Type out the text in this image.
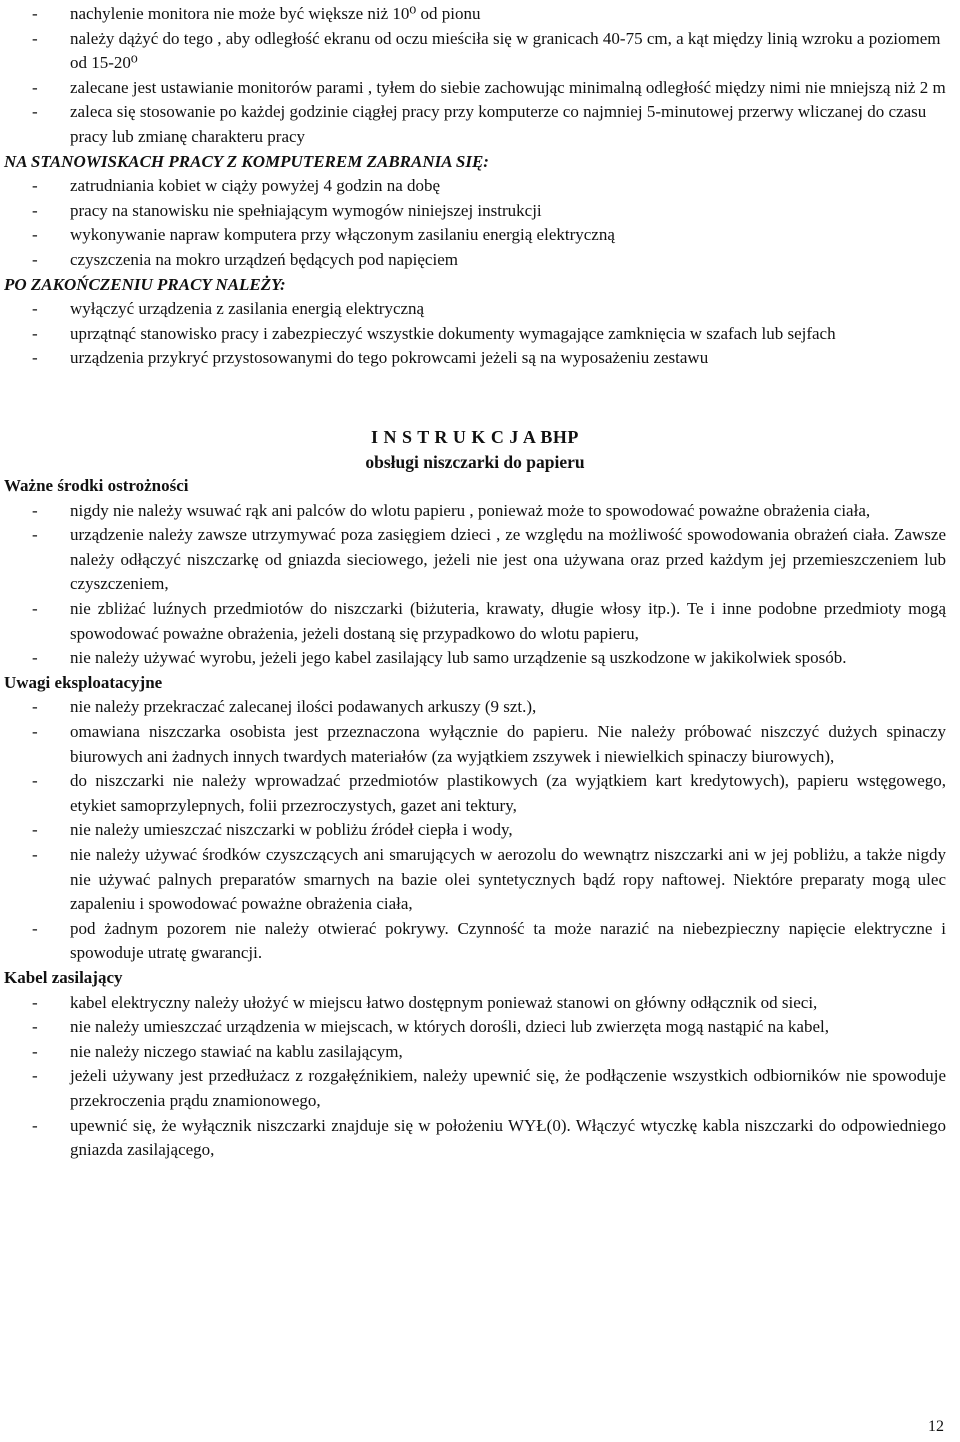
- nachylenie monitora nie może być większe niż 10⁰ od pionu
- należy dążyć do tego , aby odległość ekranu od oczu mieściła się w granicach 40-75 cm, a kąt między linią wzroku a poziomem od 15-20⁰
- zalecane jest ustawianie monitorów parami , tyłem do siebie zachowując minimalną odległość między nimi nie mniejszą niż 2 m
- zaleca się stosowanie po każdej godzinie ciągłej pracy przy komputerze co najmniej 5-minutowej przerwy wliczanej do czasu pracy lub zmianę charakteru pracy

NA STANOWISKACH PRACY Z KOMPUTEREM ZABRANIA SIĘ:

- zatrudniania kobiet w ciąży powyżej 4 godzin na dobę
- pracy na stanowisku nie spełniającym wymogów niniejszej instrukcji
- wykonywanie napraw komputera przy włączonym zasilaniu energią elektryczną
- czyszczenia na mokro urządzeń będących pod napięciem

PO ZAKOŃCZENIU PRACY NALEŻY:

- wyłączyć urządzenia z zasilania energią elektryczną
- uprzątnąć stanowisko pracy i zabezpieczyć wszystkie dokumenty wymagające zamknięcia w szafach lub sejfach
- urządzenia przykryć przystosowanymi do tego pokrowcami jeżeli są na wyposażeniu zestawu

I N S T R U K C J A BHP

obsługi niszczarki do papieru

Ważne środki ostrożności

- nigdy nie należy wsuwać rąk ani palców do wlotu papieru , ponieważ może to spowodować poważne obrażenia ciała,
- urządzenie należy zawsze utrzymywać poza zasięgiem dzieci , ze względu na możliwość spowodowania obrażeń ciała. Zawsze należy odłączyć niszczarkę od gniazda sieciowego, jeżeli nie jest ona używana oraz przed każdym jej przemieszczeniem lub czyszczeniem,
- nie zbliżać luźnych przedmiotów do niszczarki (biżuteria, krawaty, długie włosy itp.). Te i inne podobne przedmioty mogą spowodować poważne obrażenia, jeżeli dostaną się przypadkowo do wlotu papieru,
- nie należy używać wyrobu, jeżeli jego kabel zasilający lub samo urządzenie są uszkodzone w jakikolwiek sposób.

Uwagi eksploatacyjne

- nie należy przekraczać zalecanej ilości podawanych arkuszy (9 szt.),
- omawiana niszczarka osobista jest przeznaczona wyłącznie do papieru. Nie należy próbować niszczyć dużych spinaczy biurowych ani żadnych innych twardych materiałów (za wyjątkiem zszywek i niewielkich spinaczy biurowych),
- do niszczarki nie należy wprowadzać przedmiotów plastikowych (za wyjątkiem kart kredytowych), papieru wstęgowego, etykiet samoprzylepnych, folii przezroczystych, gazet ani tektury,
- nie należy umieszczać niszczarki w pobliżu źródeł ciepła i wody,
- nie należy używać środków czyszczących ani smarujących w aerozolu do wewnątrz niszczarki ani w jej pobliżu, a także nigdy nie używać palnych preparatów smarnych na bazie olei syntetycznych bądź ropy naftowej. Niektóre preparaty mogą ulec zapaleniu i spowodować poważne obrażenia ciała,
- pod żadnym pozorem nie należy otwierać pokrywy. Czynność ta może narazić na niebezpieczny napięcie elektryczne i spowoduje utratę gwarancji.

Kabel zasilający

- kabel elektryczny należy ułożyć w miejscu łatwo dostępnym ponieważ stanowi on główny odłącznik od sieci,
- nie należy umieszczać urządzenia w miejscach, w których dorośli, dzieci lub zwierzęta mogą nastąpić na kabel,
- nie należy niczego stawiać na kablu zasilającym,
- jeżeli używany jest przedłużacz z rozgałęźnikiem, należy upewnić się, że podłączenie wszystkich odbiorników nie spowoduje przekroczenia prądu znamionowego,
- upewnić się, że wyłącznik niszczarki znajduje się w położeniu WYŁ(0). Włączyć wtyczkę kabla niszczarki do odpowiedniego gniazda zasilającego,
12
